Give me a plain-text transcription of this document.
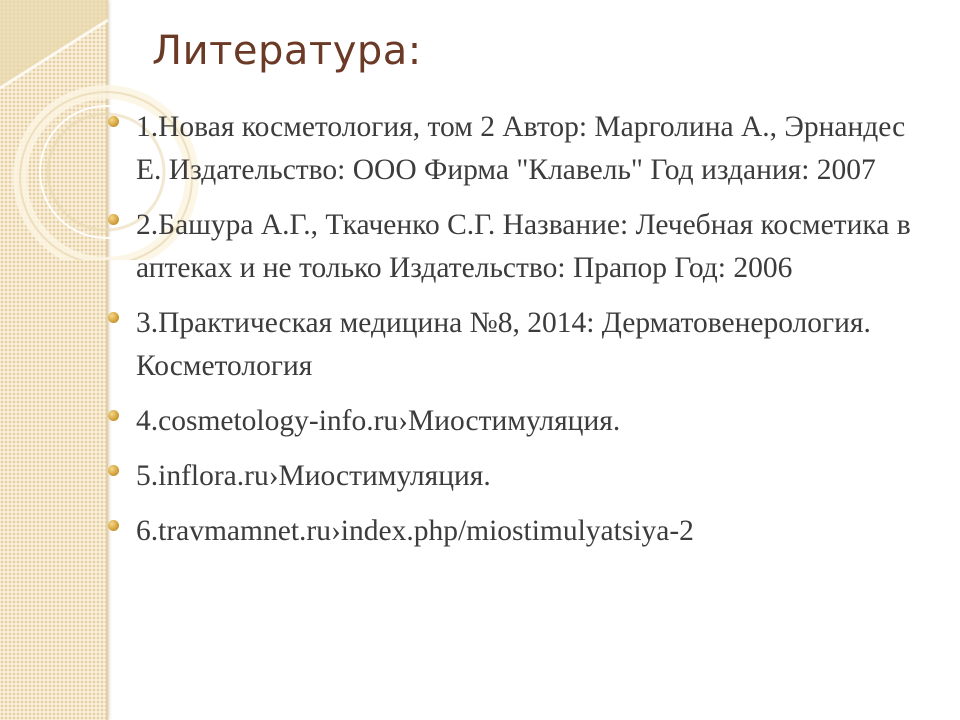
Литература:
1.Новая косметология, том 2 Автор: Марголина А., Эрнандес Е. Издательство: ООО Фирма "Клавель" Год издания: 2007
2.Башура А.Г., Ткаченко С.Г. Название: Лечебная косметика в аптеках и не только Издательство: Прапор Год: 2006
3.Практическая медицина №8, 2014: Дерматовенерология. Косметология
4.cosmetology-info.ru›Миостимуляция.
5.inflora.ru›Миостимуляция.
6.travmamnet.ru›index.php/miostimulyatsiya-2
